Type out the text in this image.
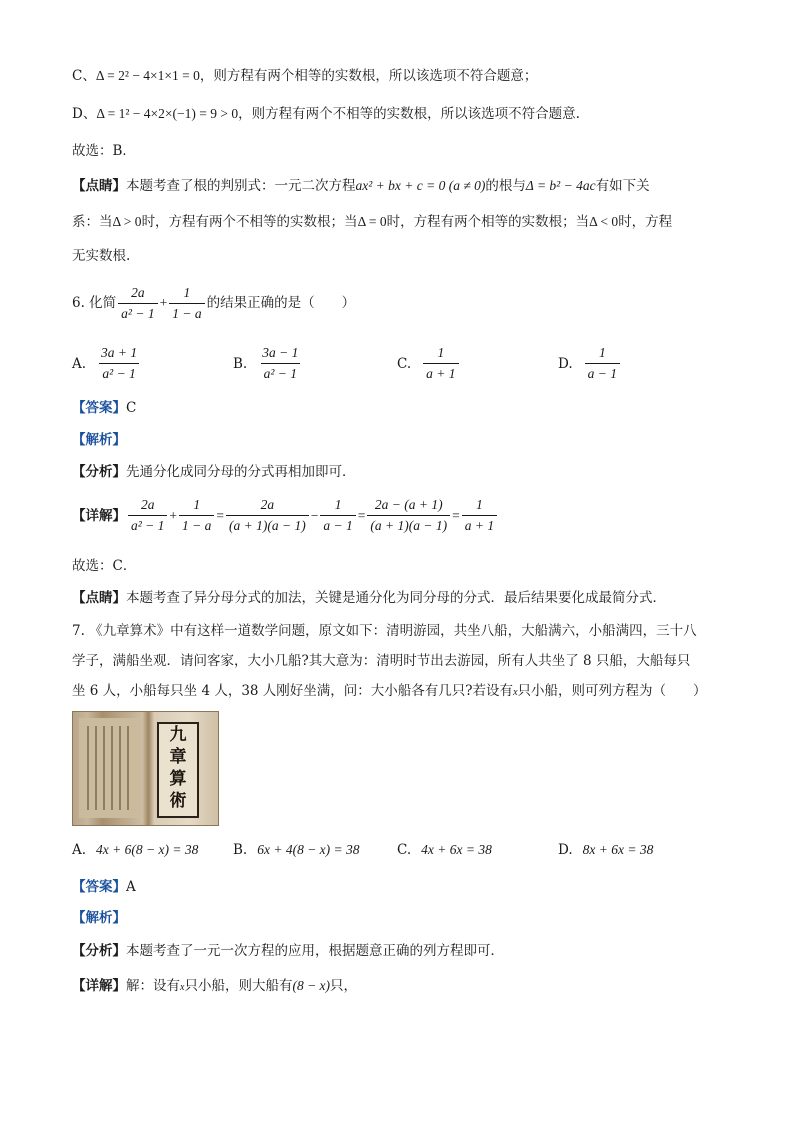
C、Δ = 2² − 4×1×1 = 0，则方程有两个相等的实数根，所以该选项不符合题意；
D、Δ = 1² − 4×2×(−1) = 9 > 0，则方程有两个不相等的实数根，所以该选项不符合题意.
故选：B．
【点睛】本题考查了根的判别式：一元二次方程ax² + bx + c = 0 (a ≠ 0)的根与Δ = b² − 4ac有如下关
系：当Δ > 0时，方程有两个不相等的实数根；当Δ = 0时，方程有两个相等的实数根；当Δ < 0时，方程
无实数根.
6. 化简 $\frac{2a}{\text{a² − 1}} + \frac{1}{1 - a}$ 的结果正确的是（　　）
A. $\frac{3a + 1}{\text{a² − 1}}$	B. $\frac{3a - 1}{\text{a² − 1}}$	C. $\frac{1}{a + 1}$	D. $\frac{1}{a - 1}$
【答案】C
【解析】
【分析】先通分化成同分母的分式再相加即可．
【详解】 $\frac{2a}{\text{a² − 1}} + \frac{1}{1 - a} = \frac{2a}{(a + 1)(a - 1)} - \frac{1}{a - 1} = \frac{2a - (a + 1)}{(a + 1)(a - 1)} = \frac{1}{a + 1}$
故选：C．
【点睛】本题考查了异分母分式的加法，关键是通分化为同分母的分式．最后结果要化成最简分式．
7. 《九章算术》中有这样一道数学问题，原文如下：清明游园，共坐八船，大船满六，小船满四，三十八
学子，满船坐观．请问客家，大小几船?其大意为：清明时节出去游园，所有人共坐了 8 只船，大船每只
坐 6 人，小船每只坐 4 人，38 人刚好坐满，问：大小船各有几只?若设有x只小船，则可列方程为（　　）
九
章
算
術
A. 4x + 6(8 − x) = 38	B. 6x + 4(8 − x) = 38	C. 4x + 6x = 38	D. 8x + 6x = 38
【答案】A
【解析】
【分析】本题考查了一元一次方程的应用，根据题意正确的列方程即可．
【详解】解：设有x只小船，则大船有(8 − x)只，
